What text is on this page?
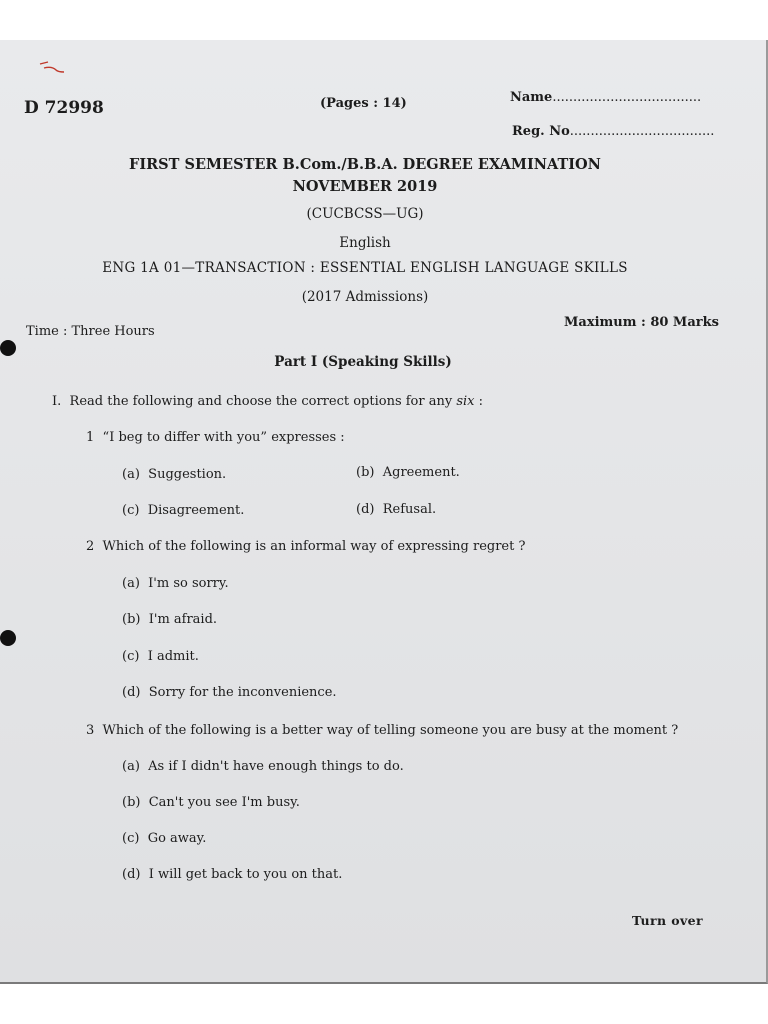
D 72998	(Pages : 14)	Name....................................
Reg. No...................................
FIRST SEMESTER B.Com./B.B.A. DEGREE EXAMINATION
NOVEMBER 2019
(CUCBCSS—UG)
English
ENG 1A 01—TRANSACTION : ESSENTIAL ENGLISH LANGUAGE SKILLS
(2017 Admissions)
Time : Three Hours
Maximum : 80 Marks
Part I (Speaking Skills)
I. Read the following and choose the correct options for any six :
1 “I beg to differ with you” expresses :
(a) Suggestion.	(b) Agreement.
(c) Disagreement.	(d) Refusal.
2 Which of the following is an informal way of expressing regret ?
(a) I'm so sorry.
(b) I'm afraid.
(c) I admit.
(d) Sorry for the inconvenience.
3 Which of the following is a better way of telling someone you are busy at the moment ?
(a) As if I didn't have enough things to do.
(b) Can't you see I'm busy.
(c) Go away.
(d) I will get back to you on that.
Turn over
